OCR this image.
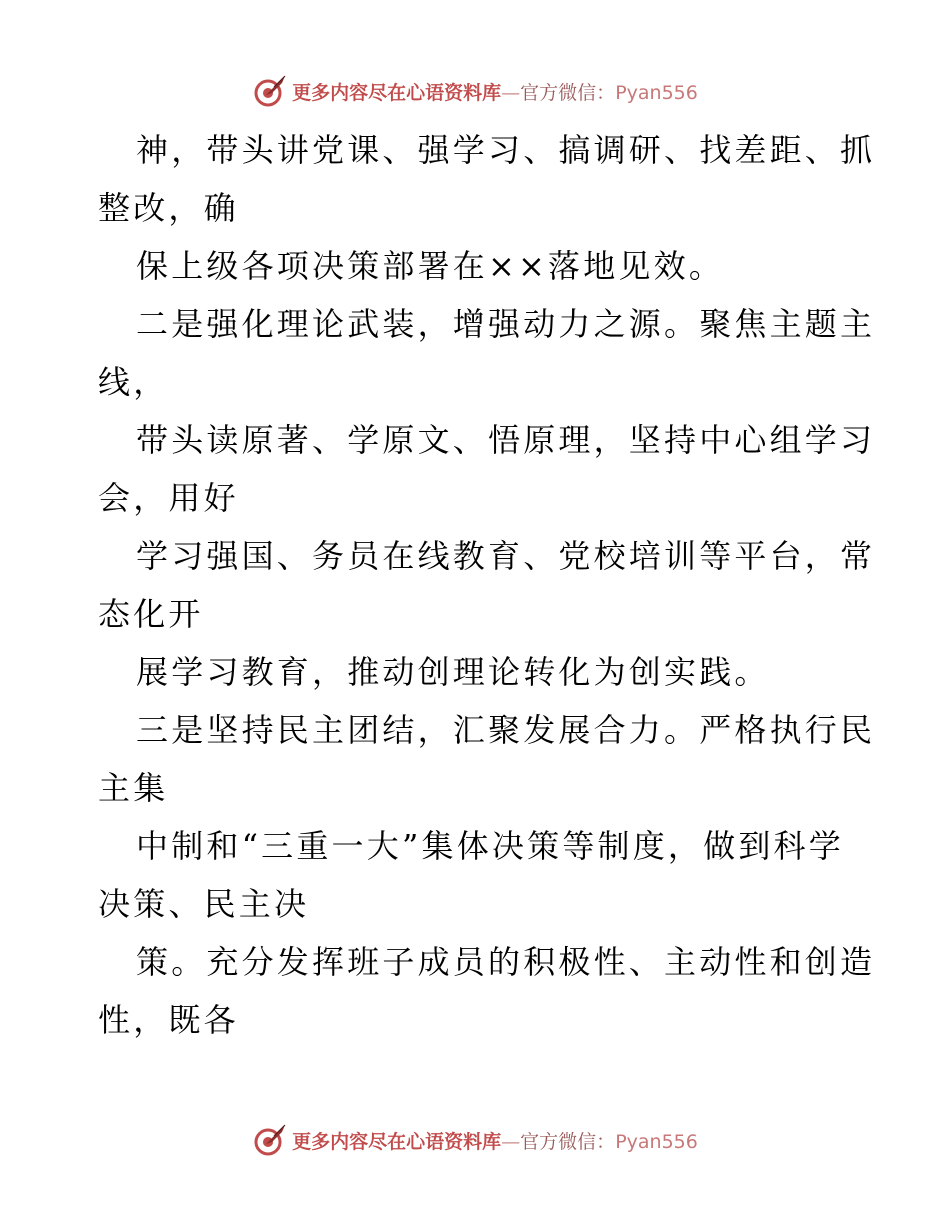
更多内容尽在心语资料库—官方微信：Pyan556
神，带头讲党课、强学习、搞调研、找差距、抓
整改，确
保上级各项决策部署在××落地见效。
二是强化理论武装，增强动力之源。聚焦主题主
线，
带头读原著、学原文、悟原理，坚持中心组学习
会，用好
学习强国、务员在线教育、党校培训等平台，常
态化开
展学习教育，推动创理论转化为创实践。
三是坚持民主团结，汇聚发展合力。严格执行民
主集
中制和“三重一大”集体决策等制度，做到科学
决策、民主决
策。充分发挥班子成员的积极性、主动性和创造
性，既各
更多内容尽在心语资料库—官方微信：Pyan556
